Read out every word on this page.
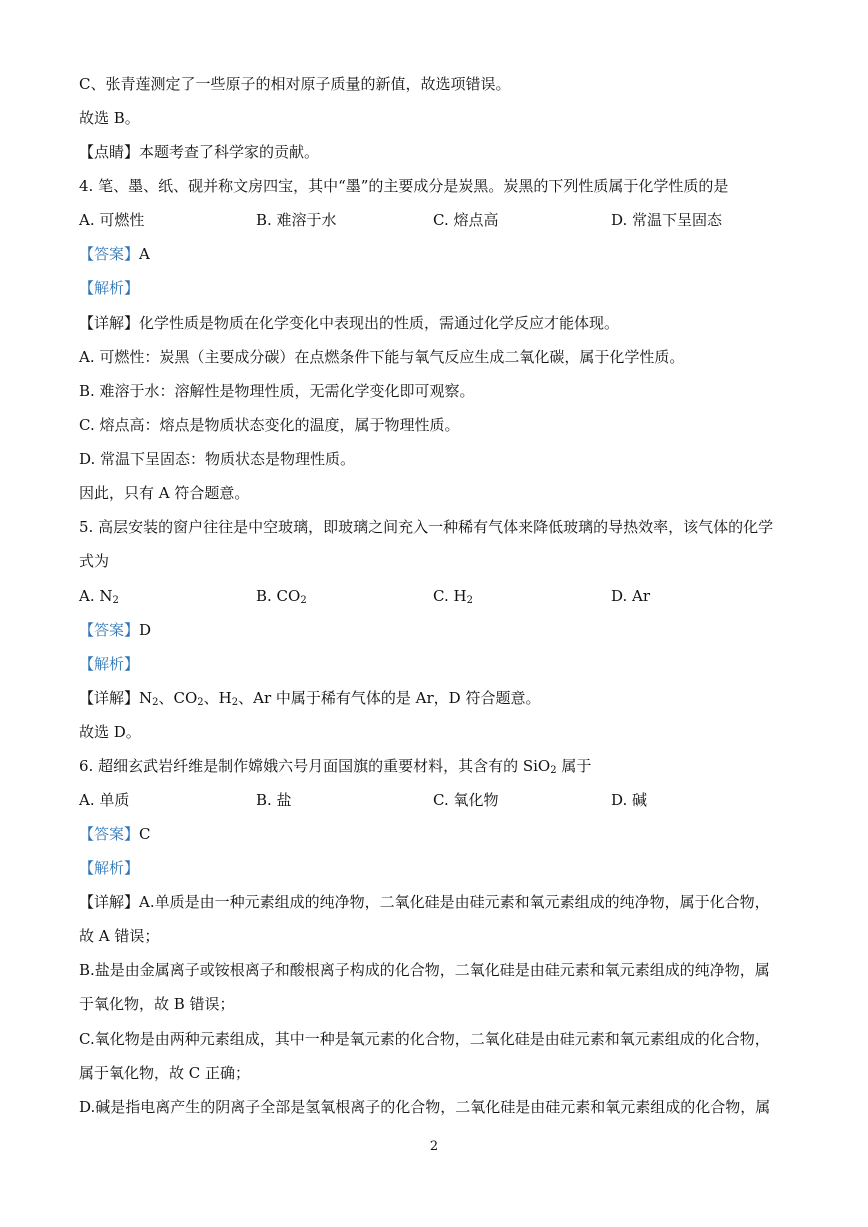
C、张青莲测定了一些原子的相对原子质量的新值，故选项错误。
故选 B。
【点睛】本题考查了科学家的贡献。
4. 笔、墨、纸、砚并称文房四宝，其中“墨”的主要成分是炭黑。炭黑的下列性质属于化学性质的是
A. 可燃性	B. 难溶于水	C. 熔点高	D. 常温下呈固态
【答案】A
【解析】
【详解】化学性质是物质在化学变化中表现出的性质，需通过化学反应才能体现。
A. 可燃性：炭黑（主要成分碳）在点燃条件下能与氧气反应生成二氧化碳，属于化学性质。
B. 难溶于水：溶解性是物理性质，无需化学变化即可观察。
C. 熔点高：熔点是物质状态变化的温度，属于物理性质。
D. 常温下呈固态：物质状态是物理性质。
因此，只有 A 符合题意。
5. 高层安装的窗户往往是中空玻璃，即玻璃之间充入一种稀有气体来降低玻璃的导热效率，该气体的化学
式为
A. $N_2$	B. $CO_2$	C. $H_2$	D. Ar
【答案】D
【解析】
【详解】$N_2$、$CO_2$、$H_2$、Ar 中属于稀有气体的是 Ar，D 符合题意。
故选 D。
6. 超细玄武岩纤维是制作嫦娥六号月面国旗的重要材料，其含有的 SiO$_2$ 属于
A. 单质	B. 盐	C. 氧化物	D. 碱
【答案】C
【解析】
【详解】A.单质是由一种元素组成的纯净物，二氧化硅是由硅元素和氧元素组成的纯净物，属于化合物，
故 A 错误；
B.盐是由金属离子或铵根离子和酸根离子构成的化合物，二氧化硅是由硅元素和氧元素组成的纯净物，属
于氧化物，故 B 错误；
C.氧化物是由两种元素组成，其中一种是氧元素的化合物，二氧化硅是由硅元素和氧元素组成的化合物，
属于氧化物，故 C 正确；
D.碱是指电离产生的阴离子全部是氢氧根离子的化合物，二氧化硅是由硅元素和氧元素组成的化合物，属
2
